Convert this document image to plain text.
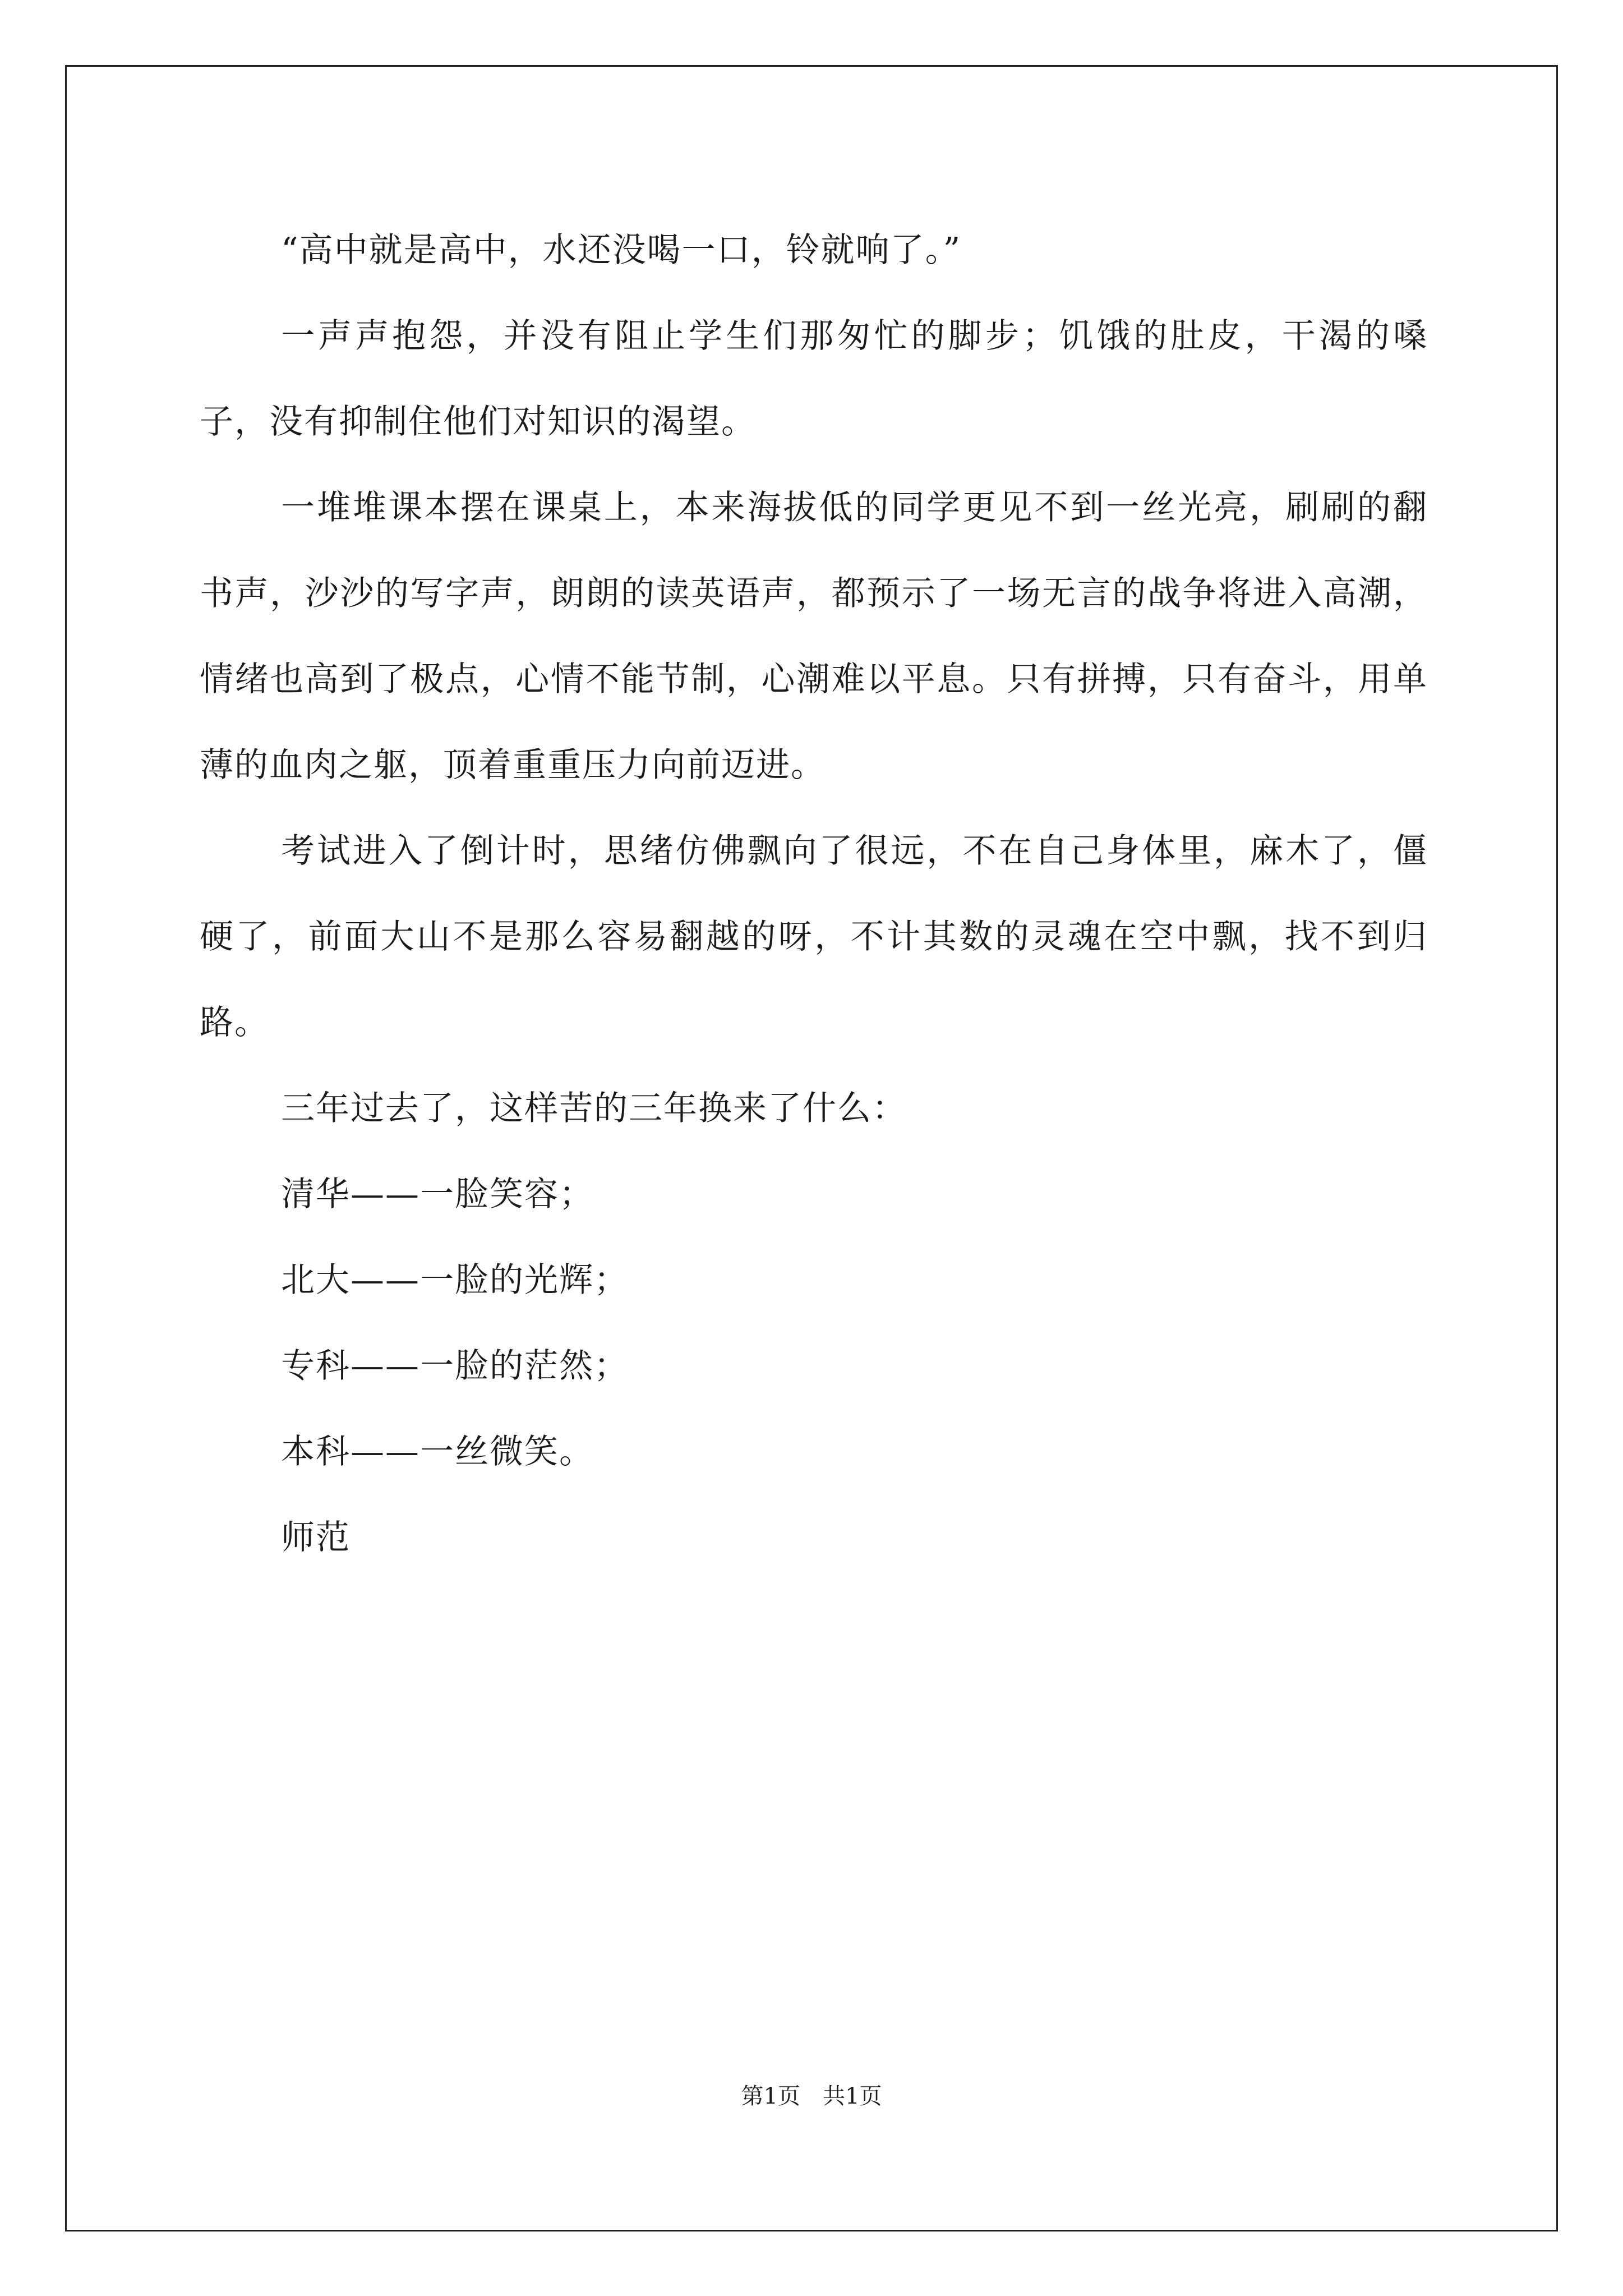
“高中就是高中，水还没喝一口，铃就响了。”

一声声抱怨，并没有阻止学生们那匆忙的脚步；饥饿的肚皮，干渴的嗓子，没有抑制住他们对知识的渴望。

一堆堆课本摆在课桌上，本来海拔低的同学更见不到一丝光亮，刷刷的翻书声，沙沙的写字声，朗朗的读英语声，都预示了一场无言的战争将进入高潮，情绪也高到了极点，心情不能节制，心潮难以平息。只有拼搏，只有奋斗，用单薄的血肉之躯，顶着重重压力向前迈进。

考试进入了倒计时，思绪仿佛飘向了很远，不在自己身体里，麻木了，僵硬了，前面大山不是那么容易翻越的呀，不计其数的灵魂在空中飘，找不到归路。

三年过去了，这样苦的三年换来了什么：

清华——一脸笑容；

北大——一脸的光辉；

专科——一脸的茫然；

本科——一丝微笑。

师范

第1页　共1页
